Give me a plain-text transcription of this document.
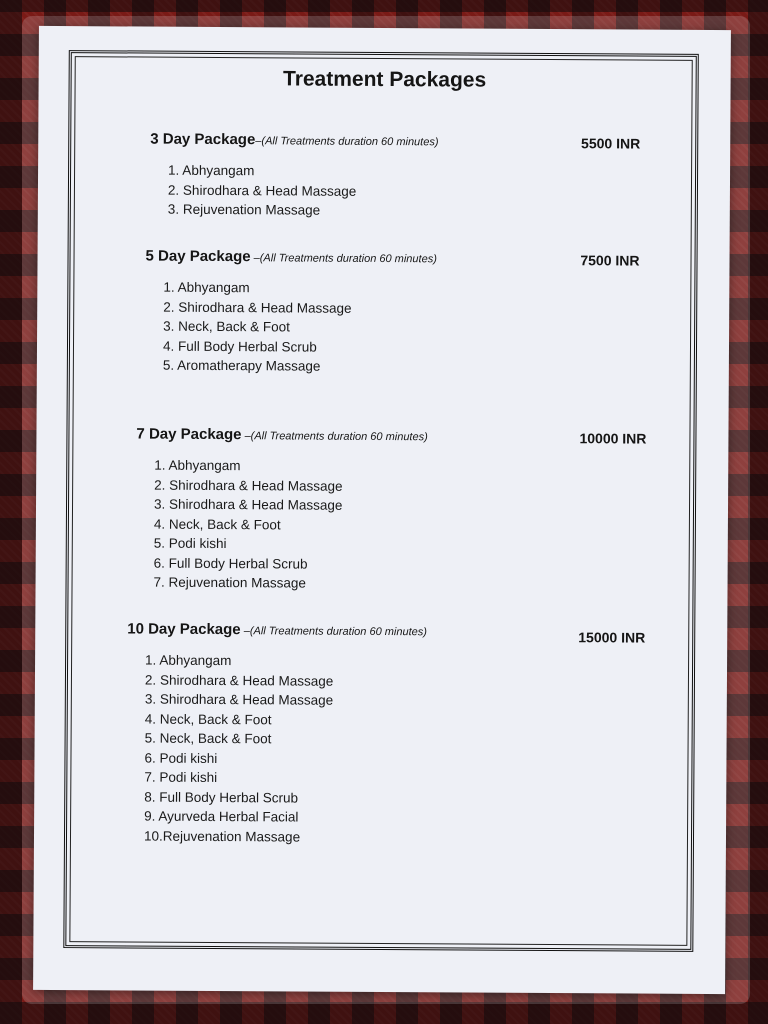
Treatment Packages
3 Day Package–(All Treatments duration 60 minutes)	5500 INR
1. Abhyangam
2. Shirodhara & Head Massage
3. Rejuvenation Massage
5 Day Package –(All Treatments duration 60 minutes)	7500 INR
1. Abhyangam
2. Shirodhara & Head Massage
3. Neck, Back & Foot
4. Full Body Herbal Scrub
5. Aromatherapy Massage
7 Day Package –(All Treatments duration 60 minutes)	10000 INR
1. Abhyangam
2. Shirodhara & Head Massage
3. Shirodhara & Head Massage
4. Neck, Back & Foot
5. Podi kishi
6. Full Body Herbal Scrub
7. Rejuvenation Massage
10 Day Package –(All Treatments duration 60 minutes)	15000 INR
1. Abhyangam
2. Shirodhara & Head Massage
3. Shirodhara & Head Massage
4. Neck, Back & Foot
5. Neck, Back & Foot
6. Podi kishi
7. Podi kishi
8. Full Body Herbal Scrub
9. Ayurveda Herbal Facial
10.Rejuvenation Massage
